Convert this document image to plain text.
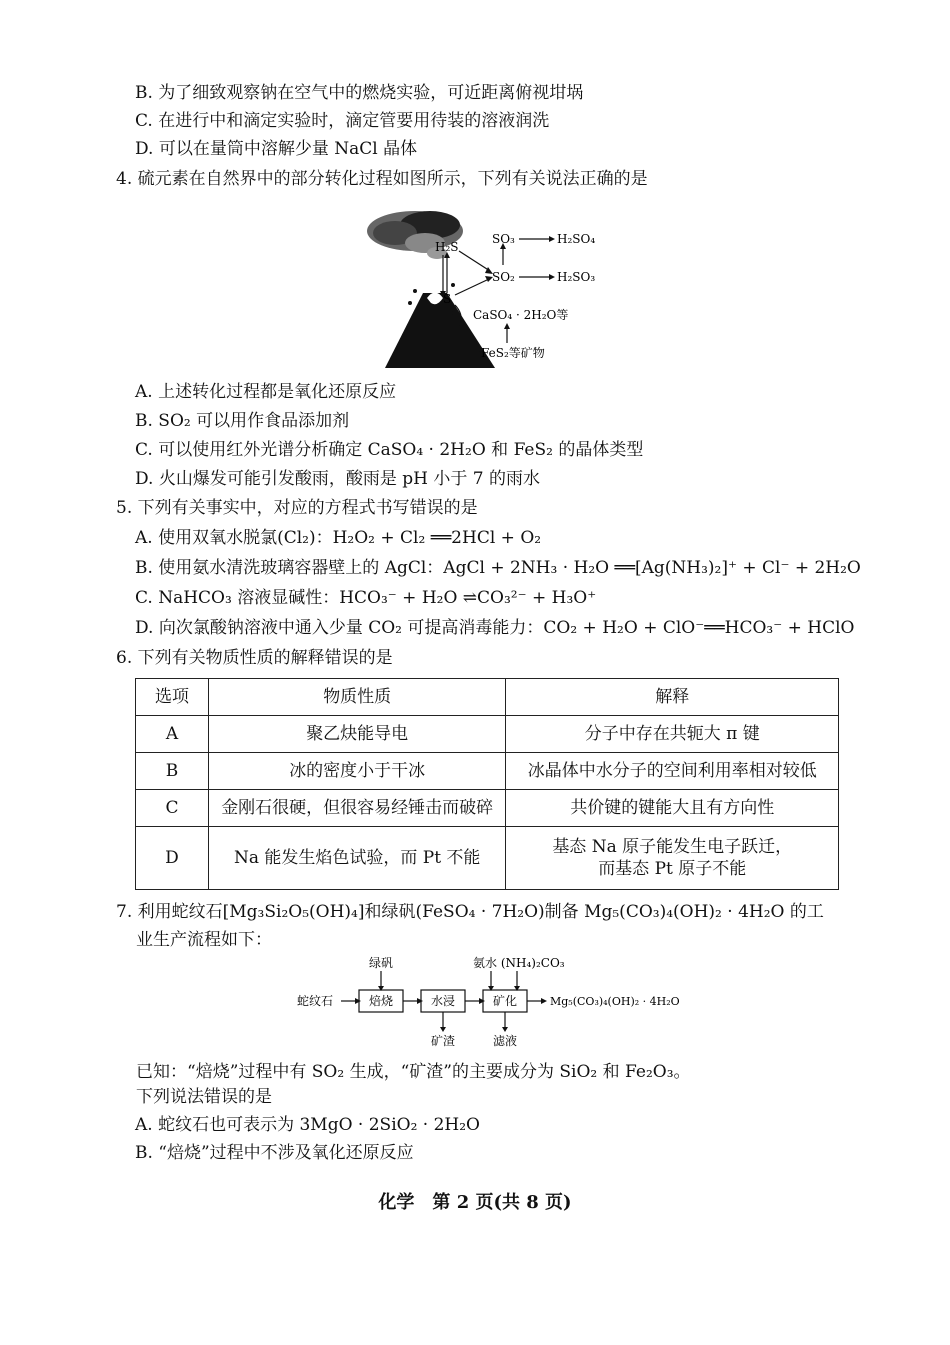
B. 为了细致观察钠在空气中的燃烧实验，可近距离俯视坩埚
C. 在进行中和滴定实验时，滴定管要用待装的溶液润洗
D. 可以在量筒中溶解少量 NaCl 晶体
4. 硫元素在自然界中的部分转化过程如图所示，下列有关说法正确的是
H₂S
SO₃	H₂SO₄
SO₂	H₂SO₃
S
CaSO₄ · 2H₂O等
FeS₂等矿物
A. 上述转化过程都是氧化还原反应
B. SO₂ 可以用作食品添加剂
C. 可以使用红外光谱分析确定 CaSO₄ · 2H₂O 和 FeS₂ 的晶体类型
D. 火山爆发可能引发酸雨，酸雨是 pH 小于 7 的雨水
5. 下列有关事实中，对应的方程式书写错误的是
A. 使用双氧水脱氯(Cl₂)：H₂O₂ + Cl₂ ══2HCl + O₂
B. 使用氨水清洗玻璃容器壁上的 AgCl：AgCl + 2NH₃ · H₂O ══[Ag(NH₃)₂]⁺ + Cl⁻ + 2H₂O
C. NaHCO₃ 溶液显碱性：HCO₃⁻ + H₂O ⇌CO₃²⁻ + H₃O⁺
D. 向次氯酸钠溶液中通入少量 CO₂ 可提高消毒能力：CO₂ + H₂O + ClO⁻══HCO₃⁻ + HClO
6. 下列有关物质性质的解释错误的是
选项	物质性质	解释
A	聚乙炔能导电	分子中存在共轭大 π 键
B	冰的密度小于干冰	冰晶体中水分子的空间利用率相对较低
C	金刚石很硬，但很容易经锤击而破碎	共价键的键能大且有方向性
D	Na 能发生焰色试验，而 Pt 不能	基态 Na 原子能发生电子跃迁，
而基态 Pt 原子不能
7. 利用蛇纹石[Mg₃Si₂O₅(OH)₄]和绿矾(FeSO₄ · 7H₂O)制备 Mg₅(CO₃)₄(OH)₂ · 4H₂O 的工
业生产流程如下：
绿矾	氨水 (NH₄)₂CO₃
蛇纹石	焙烧	水浸	矿化	Mg₅(CO₃)₄(OH)₂ · 4H₂O
矿渣	滤液
已知：“焙烧”过程中有 SO₂ 生成，“矿渣”的主要成分为 SiO₂ 和 Fe₂O₃。
下列说法错误的是
A. 蛇纹石也可表示为 3MgO · 2SiO₂ · 2H₂O
B. “焙烧”过程中不涉及氧化还原反应
化学　第 2 页(共 8 页)
